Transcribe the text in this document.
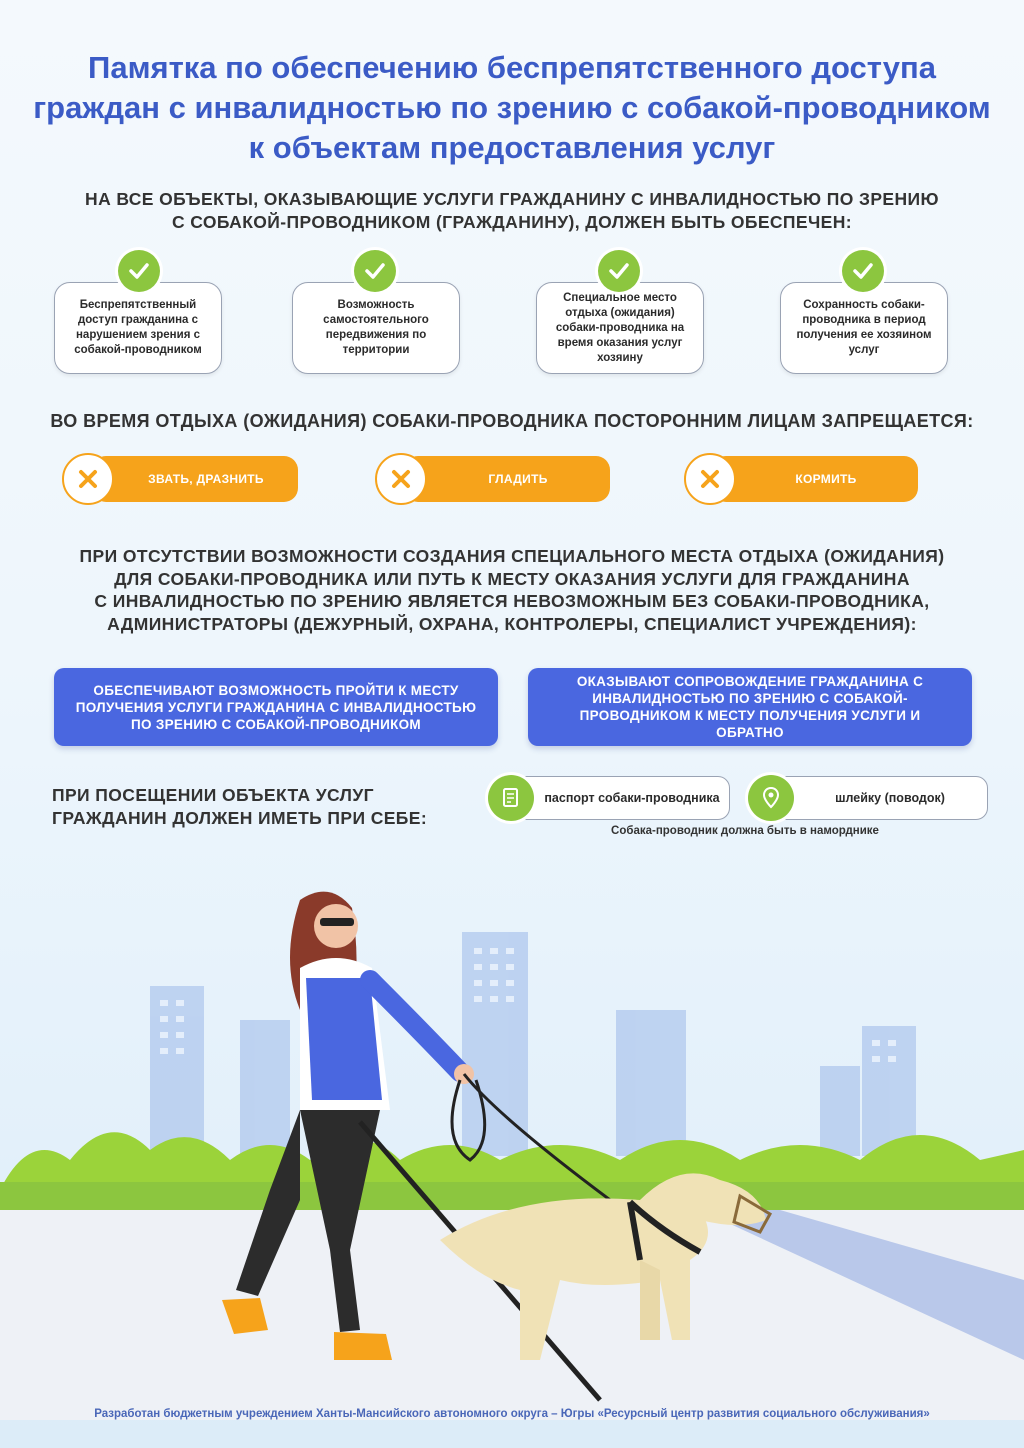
Памятка по обеспечению беспрепятственного доступа
граждан с инвалидностью по зрению с собакой-проводником
к объектам предоставления услуг
НА ВСЕ ОБЪЕКТЫ, ОКАЗЫВАЮЩИЕ УСЛУГИ ГРАЖДАНИНУ С ИНВАЛИДНОСТЬЮ ПО ЗРЕНИЮ
С СОБАКОЙ-ПРОВОДНИКОМ (ГРАЖДАНИНУ), ДОЛЖЕН БЫТЬ ОБЕСПЕЧЕН:
Беспрепятственный доступ гражданина с нарушением зрения с собакой-проводником
Возможность самостоятельного передвижения по территории
Специальное место отдыха (ожидания) собаки-проводника на время оказания услуг хозяину
Сохранность собаки-проводника в период получения ее хозяином услуг
ВО ВРЕМЯ ОТДЫХА (ОЖИДАНИЯ) СОБАКИ-ПРОВОДНИКА ПОСТОРОННИМ ЛИЦАМ ЗАПРЕЩАЕТСЯ:
ЗВАТЬ, ДРАЗНИТЬ	ГЛАДИТЬ	КОРМИТЬ
ПРИ ОТСУТСТВИИ ВОЗМОЖНОСТИ СОЗДАНИЯ СПЕЦИАЛЬНОГО МЕСТА ОТДЫХА (ОЖИДАНИЯ)
ДЛЯ СОБАКИ-ПРОВОДНИКА ИЛИ ПУТЬ К МЕСТУ ОКАЗАНИЯ УСЛУГИ ДЛЯ ГРАЖДАНИНА
С ИНВАЛИДНОСТЬЮ ПО ЗРЕНИЮ ЯВЛЯЕТСЯ НЕВОЗМОЖНЫМ БЕЗ СОБАКИ-ПРОВОДНИКА,
АДМИНИСТРАТОРЫ (ДЕЖУРНЫЙ, ОХРАНА, КОНТРОЛЕРЫ, СПЕЦИАЛИСТ УЧРЕЖДЕНИЯ):
ОБЕСПЕЧИВАЮТ ВОЗМОЖНОСТЬ ПРОЙТИ К МЕСТУ ПОЛУЧЕНИЯ УСЛУГИ ГРАЖДАНИНА С ИНВАЛИДНОСТЬЮ ПО ЗРЕНИЮ С СОБАКОЙ-ПРОВОДНИКОМ
ОКАЗЫВАЮТ СОПРОВОЖДЕНИЕ ГРАЖДАНИНА С ИНВАЛИДНОСТЬЮ ПО ЗРЕНИЮ С СОБАКОЙ-ПРОВОДНИКОМ К МЕСТУ ПОЛУЧЕНИЯ УСЛУГИ И ОБРАТНО
ПРИ ПОСЕЩЕНИИ ОБЪЕКТА УСЛУГ
ГРАЖДАНИН ДОЛЖЕН ИМЕТЬ ПРИ СЕБЕ:
паспорт собаки-проводника	шлейку (поводок)
Собака-проводник должна быть в наморднике
Разработан бюджетным учреждением Ханты-Мансийского автономного округа – Югры «Ресурсный центр развития социального обслуживания»
